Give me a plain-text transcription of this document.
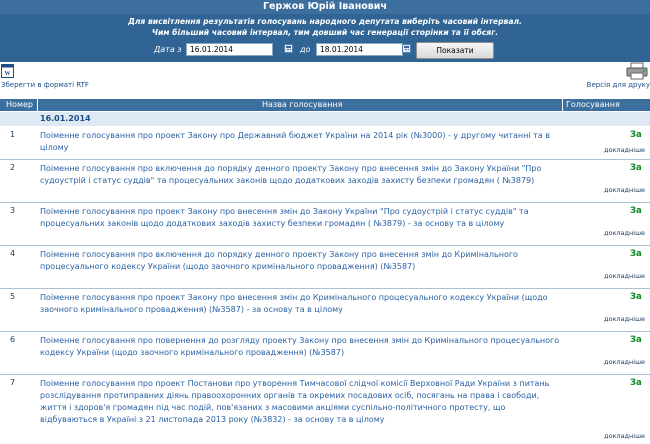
Гержов Юрій Іванович
Для висвітлення результатів голосувань народного депутата виберіть часовий інтервал.
Чим більший часовий інтервал, тим довший час генерації сторінки та її обсяг.
Дата з	16.01.2014	до	18.01.2014	Показати
W
Зберегти в форматі RTF	Версія для друку
Номер	Назва голосування	Голосування
16.01.2014
1	Поіменне голосування про проект Закону про Державний бюджет України на 2014 рік (№3000) - у другому читанні та в цілому
За
докладніше
2	Поіменне голосування про включення до порядку денного проекту Закону про внесення змін до Закону України "Про судоустрій і статус суддів" та процесуальних законів щодо додаткових заходів захисту безпеки громадян ( №3879)
За
докладніше
3	Поіменне голосування про проект Закону про внесення змін до Закону України "Про судоустрій і статус суддів" та процесуальних законів щодо додаткових заходів захисту безпеки громадян ( №3879) - за основу та в цілому
За
докладніше
4	Поіменне голосування про включення до порядку денного проекту Закону про внесення змін до Кримінального процесуального кодексу України (щодо заочного кримінального провадження) (№3587)
За
докладніше
5	Поіменне голосування про проект Закону про внесення змін до Кримінального процесуального кодексу України (щодо заочного кримінального провадження) (№3587) - за основу та в цілому
За
докладніше
6	Поіменне голосування про повернення до розгляду проекту Закону про внесення змін до Кримінального процесуального кодексу України (щодо заочного кримінального провадження) (№3587)
За
докладніше
7	Поіменне голосування про проект Постанови про утворення Тимчасової слідчої комісії Верховної Ради України з питань розслідування протиправних діянь правоохоронних органів та окремих посадових осіб, посягань на права і свободи, життя і здоров'я громадян під час подій, пов'язаних з масовими акціями суспільно-політичного протесту, що відбуваються в Україні з 21 листопада 2013 року (№3832) - за основу та в цілому
За
докладніше
